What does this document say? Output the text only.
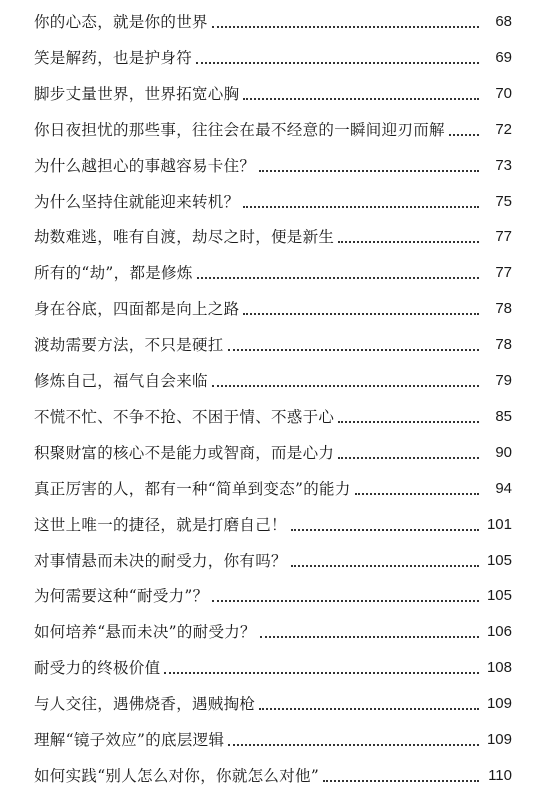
你的心态，就是你的世界	68
笑是解药，也是护身符	69
脚步丈量世界，世界拓宽心胸	70
你日夜担忧的那些事，往往会在最不经意的一瞬间迎刃而解	72
为什么越担心的事越容易卡住？	73
为什么坚持住就能迎来转机？	75
劫数难逃，唯有自渡，劫尽之时，便是新生	77
所有的“劫”，都是修炼	77
身在谷底，四面都是向上之路	78
渡劫需要方法，不只是硬扛	78
修炼自己，福气自会来临	79
不慌不忙、不争不抢、不困于情、不惑于心	85
积聚财富的核心不是能力或智商，而是心力	90
真正厉害的人，都有一种“简单到变态”的能力	94
这世上唯一的捷径，就是打磨自己！	101
对事情悬而未决的耐受力，你有吗？	105
为何需要这种“耐受力”？	105
如何培养“悬而未决”的耐受力？	106
耐受力的终极价值	108
与人交往，遇佛烧香，遇贼掏枪	109
理解“镜子效应”的底层逻辑	109
如何实践“别人怎么对你，你就怎么对他”	110
